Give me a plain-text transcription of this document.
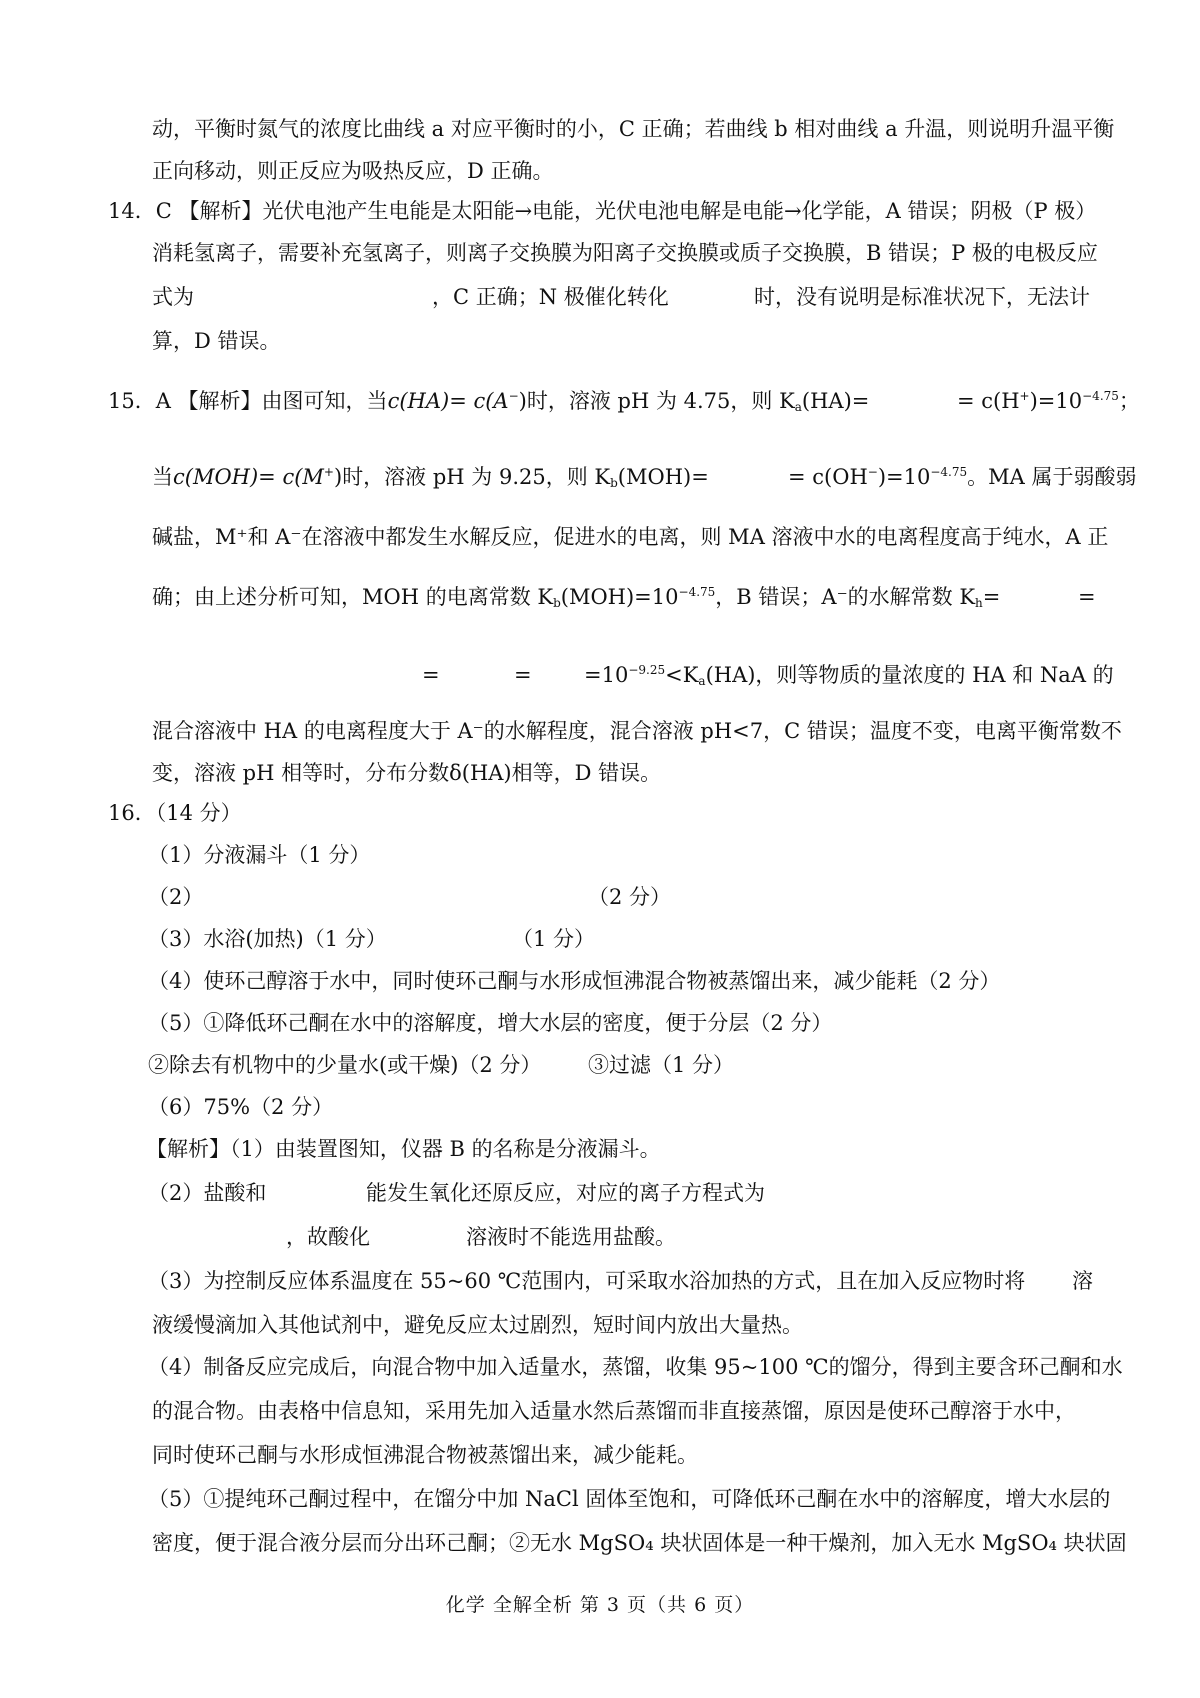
动，平衡时氮气的浓度比曲线 a 对应平衡时的小，C 正确；若曲线 b 相对曲线 a 升温，则说明升温平衡
正向移动，则正反应为吸热反应，D 正确。
14．C 【解析】光伏电池产生电能是太阳能→电能，光伏电池电解是电能→化学能，A 错误；阴极（P 极）
消耗氢离子，需要补充氢离子，则离子交换膜为阳离子交换膜或质子交换膜，B 错误；P 极的电极反应
式为	，C 正确；N 极催化转化	时，没有说明是标准状况下，无法计
算，D 错误。
15．A 【解析】由图可知，当c(HA)= c(A−)时，溶液 pH 为 4.75，则 $K_a(HA)=$	= $c(H^+)=10^{-4.75}$；
当c(MOH)= c(M+)时，溶液 pH 为 9.25，则 $K_b(MOH)=$	= $c(OH^-)=10^{-4.75}$。MA 属于弱酸弱
碱盐，M⁺和 A⁻在溶液中都发生水解反应，促进水的电离，则 MA 溶液中水的电离程度高于纯水，A 正
确；由上述分析可知，MOH 的电离常数 $K_b(MOH)=10^{-4.75}$，B 错误；A⁻的水解常数 $K_h=$	=
=	= $=10^{-9.25}<K_a(HA)$，则等物质的量浓度的 HA 和 NaA 的
混合溶液中 HA 的电离程度大于 A⁻的水解程度，混合溶液 pH<7，C 错误；温度不变，电离平衡常数不
变，溶液 pH 相等时，分布分数δ(HA)相等，D 错误。
16．（14 分）
（1）分液漏斗（1 分）
（2）	（2 分）
（3）水浴(加热)（1 分）	（1 分）
（4）使环己醇溶于水中，同时使环己酮与水形成恒沸混合物被蒸馏出来，减少能耗（2 分）
（5）①降低环己酮在水中的溶解度，增大水层的密度，便于分层（2 分）
②除去有机物中的少量水(或干燥)（2 分） ③过滤（1 分）
（6）75%（2 分）
【解析】（1）由装置图知，仪器 B 的名称是分液漏斗。
（2）盐酸和	能发生氧化还原反应，对应的离子方程式为
，故酸化	溶液时不能选用盐酸。
（3）为控制反应体系温度在 55~60 ℃范围内，可采取水浴加热的方式，且在加入反应物时将 溶
液缓慢滴加入其他试剂中，避免反应太过剧烈，短时间内放出大量热。
（4）制备反应完成后，向混合物中加入适量水，蒸馏，收集 95~100 ℃的馏分，得到主要含环己酮和水
的混合物。由表格中信息知，采用先加入适量水然后蒸馏而非直接蒸馏，原因是使环己醇溶于水中，
同时使环己酮与水形成恒沸混合物被蒸馏出来，减少能耗。
（5）①提纯环己酮过程中，在馏分中加 NaCl 固体至饱和，可降低环己酮在水中的溶解度，增大水层的
密度，便于混合液分层而分出环己酮；②无水 MgSO₄ 块状固体是一种干燥剂，加入无水 MgSO₄ 块状固
化学 全解全析 第 3 页（共 6 页）
